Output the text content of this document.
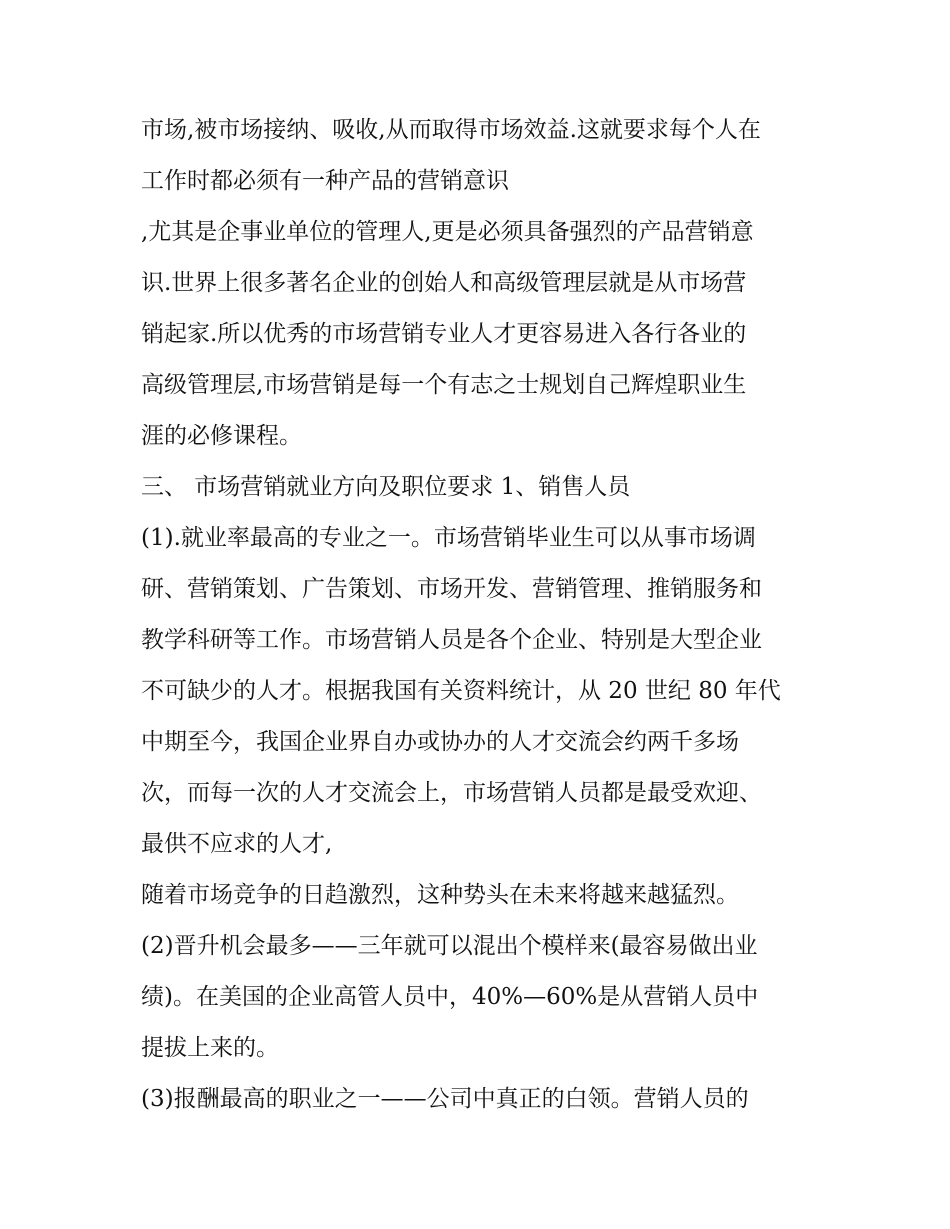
市场,被市场接纳、吸收,从而取得市场效益.这就要求每个人在
工作时都必须有一种产品的营销意识
,尤其是企事业单位的管理人,更是必须具备强烈的产品营销意
识.世界上很多著名企业的创始人和高级管理层就是从市场营
销起家.所以优秀的市场营销专业人才更容易进入各行各业的
高级管理层,市场营销是每一个有志之士规划自己辉煌职业生
涯的必修课程。
三、 市场营销就业方向及职位要求 1、销售人员
(1).就业率最高的专业之一。市场营销毕业生可以从事市场调
研、营销策划、广告策划、市场开发、营销管理、推销服务和
教学科研等工作。市场营销人员是各个企业、特别是大型企业
不可缺少的人才。根据我国有关资料统计，从 20 世纪 80 年代
中期至今，我国企业界自办或协办的人才交流会约两千多场
次，而每一次的人才交流会上，市场营销人员都是最受欢迎、
最供不应求的人才,
随着市场竞争的日趋激烈，这种势头在未来将越来越猛烈。
(2)晋升机会最多——三年就可以混出个模样来(最容易做出业
绩)。在美国的企业高管人员中，40%—60%是从营销人员中
提拔上来的。
(3)报酬最高的职业之一——公司中真正的白领。营销人员的
